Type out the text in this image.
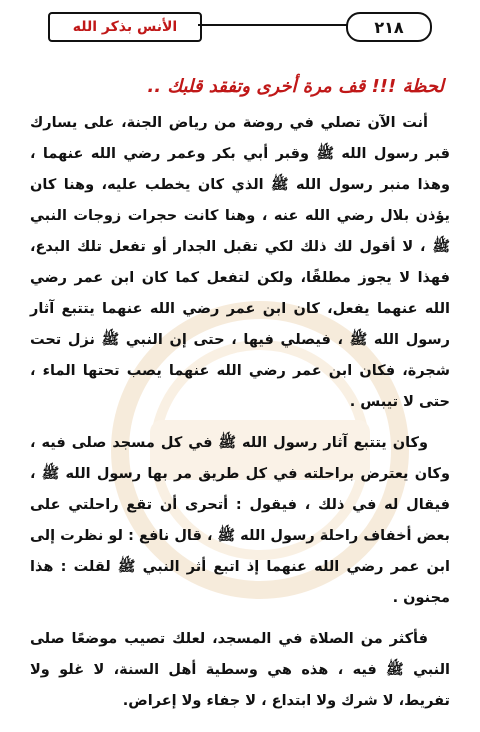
الأنس بذكر الله	٢١٨
لحظة !!! قف مرة أخرى وتفقد قلبك ..

أنت الآن تصلي في روضة من رياض الجنة، على يسارك قبر رسول الله ﷺ وقبر أبي بكر وعمر رضي الله عنهما ، وهذا منبر رسول الله ﷺ الذي كان يخطب عليه، وهنا كان يؤذن بلال رضي الله عنه ، وهنا كانت حجرات زوجات النبي ﷺ ، لا أقول لك ذلك لكي تقبل الجدار أو تفعل تلك البدع، فهذا لا يجوز مطلقًا، ولكن لتفعل كما كان ابن عمر رضي الله عنهما يفعل، كان ابن عمر رضي الله عنهما يتتبع آثار رسول الله ﷺ ، فيصلي فيها ، حتى إن النبي ﷺ نزل تحت شجرة، فكان ابن عمر رضي الله عنهما يصب تحتها الماء ، حتى لا تيبس .

وكان يتتبع آثار رسول الله ﷺ في كل مسجد صلى فيه ، وكان يعترض براحلته في كل طريق مر بها رسول الله ﷺ ، فيقال له في ذلك ، فيقول : أتحرى أن تقع راحلتي على بعض أخفاف راحلة رسول الله ﷺ ، قال نافع : لو نظرت إلى ابن عمر رضي الله عنهما إذ اتبع أثر النبي ﷺ لقلت : هذا مجنون .

فأكثر من الصلاة في المسجد، لعلك تصيب موضعًا صلى النبي ﷺ فيه ، هذه هي وسطية أهل السنة، لا غلو ولا تفريط، لا شرك ولا ابتداع ، لا جفاء ولا إعراض.
